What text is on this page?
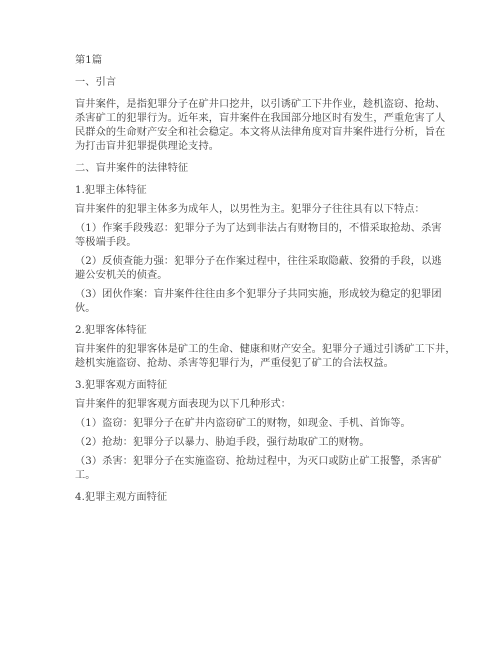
第1篇

一、引言

盲井案件，是指犯罪分子在矿井口挖井，以引诱矿工下井作业，趁机盗窃、抢劫、

杀害矿工的犯罪行为。近年来，盲井案件在我国部分地区时有发生，严重危害了人

民群众的生命财产安全和社会稳定。本文将从法律角度对盲井案件进行分析，旨在

为打击盲井犯罪提供理论支持。

二、盲井案件的法律特征

1.犯罪主体特征

盲井案件的犯罪主体多为成年人，以男性为主。犯罪分子往往具有以下特点：

（1）作案手段残忍：犯罪分子为了达到非法占有财物目的，不惜采取抢劫、杀害

等极端手段。

（2）反侦查能力强：犯罪分子在作案过程中，往往采取隐蔽、狡猾的手段，以逃

避公安机关的侦查。

（3）团伙作案：盲井案件往往由多个犯罪分子共同实施，形成较为稳定的犯罪团

伙。

2.犯罪客体特征

盲井案件的犯罪客体是矿工的生命、健康和财产安全。犯罪分子通过引诱矿工下井，

趁机实施盗窃、抢劫、杀害等犯罪行为，严重侵犯了矿工的合法权益。

3.犯罪客观方面特征

盲井案件的犯罪客观方面表现为以下几种形式：

（1）盗窃：犯罪分子在矿井内盗窃矿工的财物，如现金、手机、首饰等。

（2）抢劫：犯罪分子以暴力、胁迫手段，强行劫取矿工的财物。

（3）杀害：犯罪分子在实施盗窃、抢劫过程中，为灭口或防止矿工报警，杀害矿

工。

4.犯罪主观方面特征
